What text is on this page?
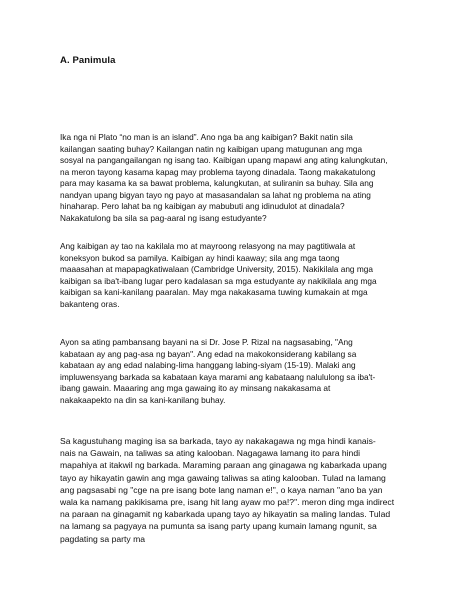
A. Panimula

Ika nga ni Plato “no man is an island”. Ano nga ba ang kaibigan? Bakit natin sila
kailangan saating buhay? Kailangan natin ng kaibigan upang matugunan ang mga
sosyal na pangangailangan ng isang tao. Kaibigan upang mapawi ang ating kalungkutan,
na meron tayong kasama kapag may problema tayong dinadala. Taong makakatulong
para may kasama ka sa bawat problema, kalungkutan, at suliranin sa buhay. Sila ang
nandyan upang bigyan tayo ng payo at masasandalan sa lahat ng problema na ating
hinaharap. Pero lahat ba ng kaibigan ay mabubuti ang idinudulot at dinadala?
Nakakatulong ba sila sa pag-aaral ng isang estudyante?

Ang kaibigan ay tao na kakilala mo at mayroong relasyong na may pagtitiwala at
koneksyon bukod sa pamilya. Kaibigan ay hindi kaaway; sila ang mga taong
maaasahan at mapapagkatiwalaan (Cambridge University, 2015). Nakikilala ang mga
kaibigan sa iba't-ibang lugar pero kadalasan sa mga estudyante ay nakikilala ang mga
kaibigan sa kani-kanilang paaralan. May mga nakakasama tuwing kumakain at mga
bakanteng oras.

Ayon sa ating pambansang bayani na si Dr. Jose P. Rizal na nagsasabing, "Ang
kabataan ay ang pag-asa ng bayan". Ang edad na makokonsiderang kabilang sa
kabataan ay ang edad nalabing-lima hanggang labing-siyam (15-19). Malaki ang
impluwensyang barkada sa kabataan kaya marami ang kabataang nalululong sa iba't-
ibang gawain. Maaaring ang mga gawaing ito ay minsang nakakasama at
nakakaapekto na din sa kani-kanilang buhay.

Sa kagustuhang maging isa sa barkada, tayo ay nakakagawa ng mga hindi kanais-
nais na Gawain, na taliwas sa ating kalooban. Nagagawa lamang ito para hindi
mapahiya at itakwil ng barkada. Maraming paraan ang ginagawa ng kabarkada upang
tayo ay hikayatin gawin ang mga gawaing taliwas sa ating kalooban. Tulad na lamang
ang pagsasabi ng "cge na pre isang bote lang naman e!", o kaya naman "ano ba yan
wala ka namang pakikisama pre, isang hit lang ayaw mo pa!?". meron ding mga indirect
na paraan na ginagamit ng kabarkada upang tayo ay hikayatin sa maling landas. Tulad
na lamang sa pagyaya na pumunta sa isang party upang kumain lamang ngunit, sa
pagdating sa party ma
